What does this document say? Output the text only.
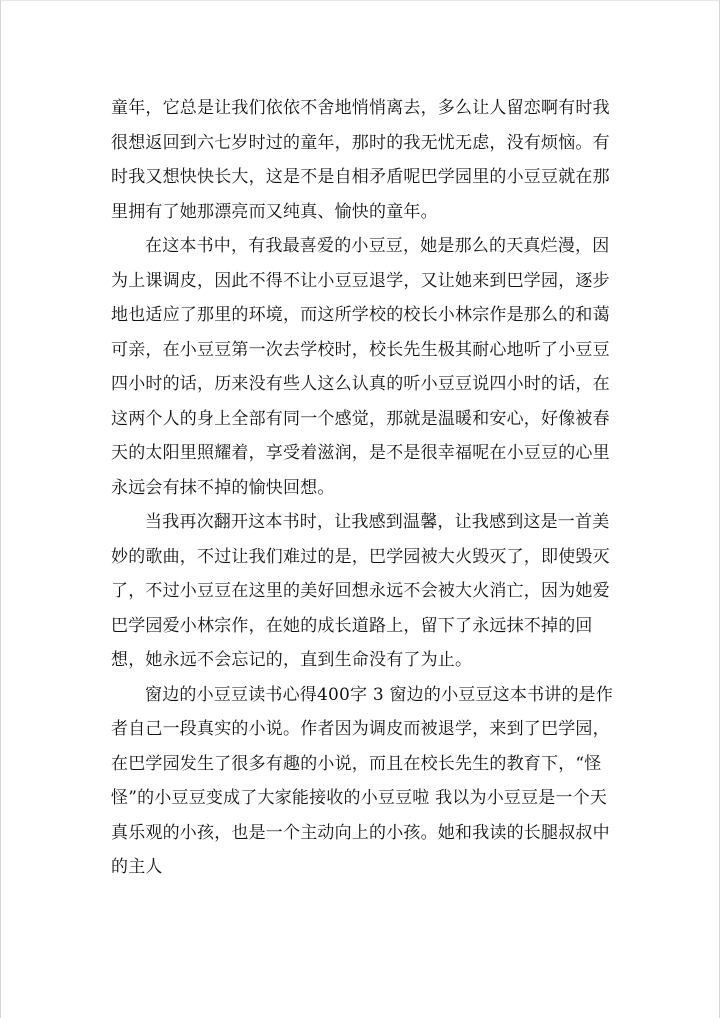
童年，它总是让我们依依不舍地悄悄离去，多么让人留恋啊有时我很想返回到六七岁时过的童年，那时的我无忧无虑，没有烦恼。有时我又想快快长大，这是不是自相矛盾呢巴学园里的小豆豆就在那里拥有了她那漂亮而又纯真、愉快的童年。

在这本书中，有我最喜爱的小豆豆，她是那么的天真烂漫，因为上课调皮，因此不得不让小豆豆退学，又让她来到巴学园，逐步地也适应了那里的环境，而这所学校的校长小林宗作是那么的和蔼可亲，在小豆豆第一次去学校时，校长先生极其耐心地听了小豆豆四小时的话，历来没有些人这么认真的听小豆豆说四小时的话，在这两个人的身上全部有同一个感觉，那就是温暖和安心，好像被春天的太阳里照耀着，享受着滋润，是不是很幸福呢在小豆豆的心里永远会有抹不掉的愉快回想。

当我再次翻开这本书时，让我感到温馨，让我感到这是一首美妙的歌曲，不过让我们难过的是，巴学园被大火毁灭了，即使毁灭了，不过小豆豆在这里的美好回想永远不会被大火消亡，因为她爱巴学园爱小林宗作，在她的成长道路上，留下了永远抹不掉的回想，她永远不会忘记的，直到生命没有了为止。

窗边的小豆豆读书心得400字 3 窗边的小豆豆这本书讲的是作者自己一段真实的小说。作者因为调皮而被退学，来到了巴学园，在巴学园发生了很多有趣的小说，而且在校长先生的教育下，“怪怪”的小豆豆变成了大家能接收的小豆豆啦 我以为小豆豆是一个天真乐观的小孩，也是一个主动向上的小孩。她和我读的长腿叔叔中的主人
